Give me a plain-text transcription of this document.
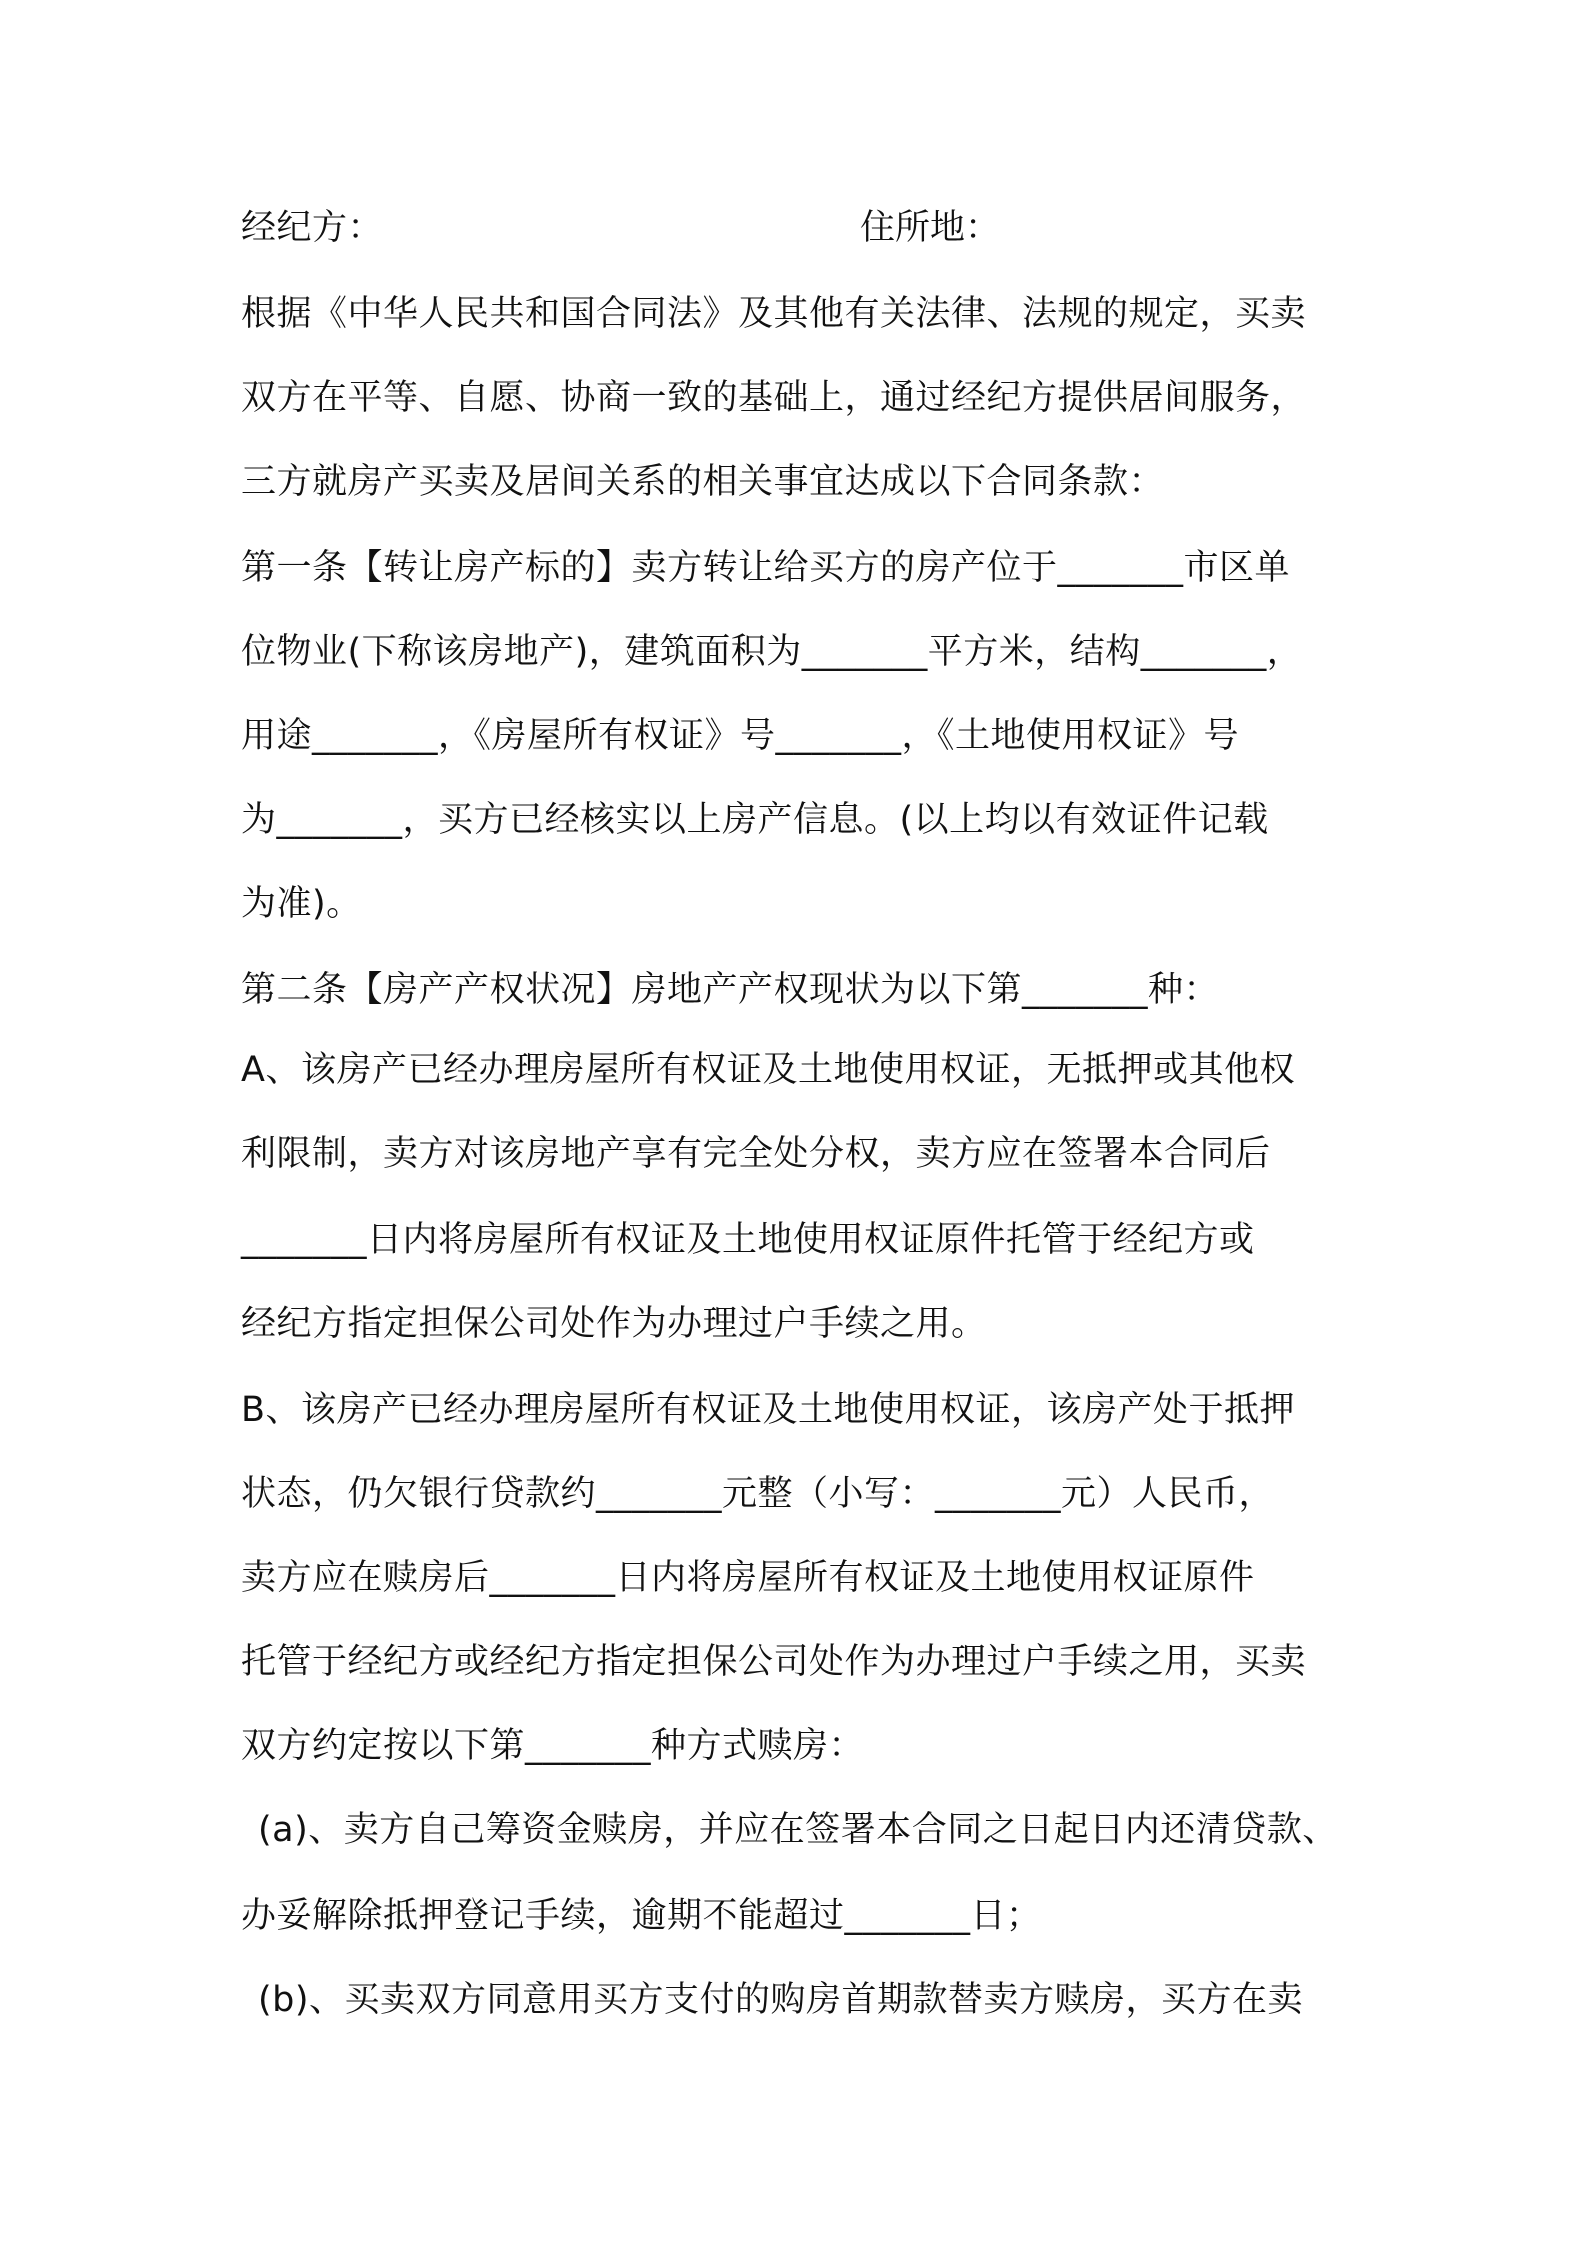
经纪方：	住所地：
根据《中华人民共和国合同法》及其他有关法律、法规的规定，买卖
双方在平等、自愿、协商一致的基础上，通过经纪方提供居间服务，
三方就房产买卖及居间关系的相关事宜达成以下合同条款：
第一条【转让房产标的】卖方转让给买方的房产位于_______市区单
位物业(下称该房地产)，建筑面积为_______平方米，结构_______，
用途_______，《房屋所有权证》号_______，《土地使用权证》号
为_______，买方已经核实以上房产信息。(以上均以有效证件记载
为准)。
第二条【房产产权状况】房地产产权现状为以下第_______种：
A、该房产已经办理房屋所有权证及土地使用权证，无抵押或其他权
利限制，卖方对该房地产享有完全处分权，卖方应在签署本合同后
_______日内将房屋所有权证及土地使用权证原件托管于经纪方或
经纪方指定担保公司处作为办理过户手续之用。
B、该房产已经办理房屋所有权证及土地使用权证，该房产处于抵押
状态，仍欠银行贷款约_______元整（小写：_______元）人民币，
卖方应在赎房后_______日内将房屋所有权证及土地使用权证原件
托管于经纪方或经纪方指定担保公司处作为办理过户手续之用，买卖
双方约定按以下第_______种方式赎房：
(a)、卖方自己筹资金赎房，并应在签署本合同之日起日内还清贷款、
办妥解除抵押登记手续，逾期不能超过_______日；
(b)、买卖双方同意用买方支付的购房首期款替卖方赎房，买方在卖
